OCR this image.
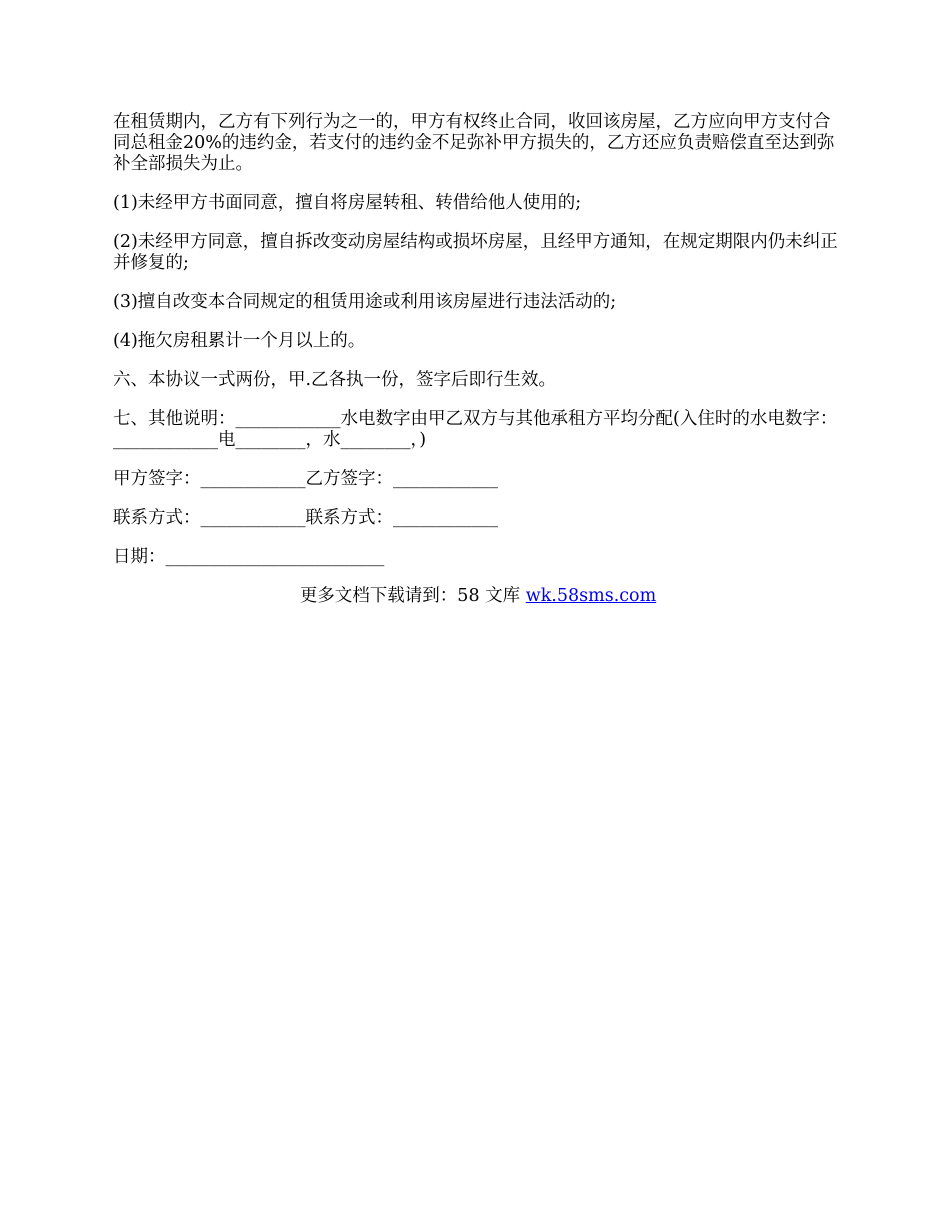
在租赁期内，乙方有下列行为之一的，甲方有权终止合同，收回该房屋，乙方应向甲方支付合同总租金20%的违约金，若支付的违约金不足弥补甲方损失的，乙方还应负责赔偿直至达到弥补全部损失为止。

(1)未经甲方书面同意，擅自将房屋转租、转借给他人使用的;

(2)未经甲方同意，擅自拆改变动房屋结构或损坏房屋，且经甲方通知，在规定期限内仍未纠正并修复的;

(3)擅自改变本合同规定的租赁用途或利用该房屋进行违法活动的;

(4)拖欠房租累计一个月以上的。

六、本协议一式两份，甲.乙各执一份，签字后即行生效。

七、其他说明：____________水电数字由甲乙双方与其他承租方平均分配(入住时的水电数字：____________电________，水________，)

甲方签字：____________乙方签字：____________

联系方式：____________联系方式：____________

日期：_________________________

更多文档下载请到：58 文库 wk.58sms.com
